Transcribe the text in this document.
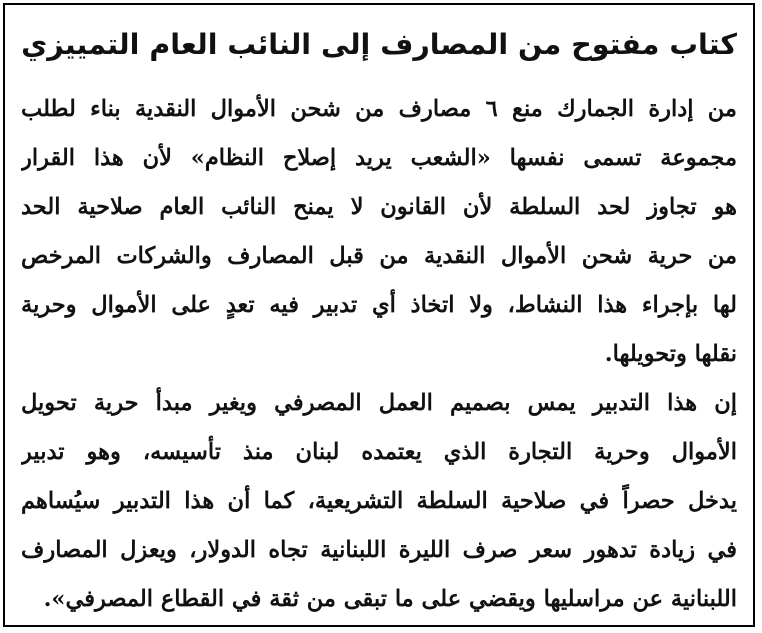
كتاب مفتوح من المصارف إلى النائب العام التمييزي
من إدارة الجمارك منع ٦ مصارف من شحن الأموال النقدية بناء لطلب
مجموعة تسمى نفسها «الشعب يريد إصلاح النظام» لأن هذا القرار
هو تجاوز لحد السلطة لأن القانون لا يمنح النائب العام صلاحية الحد
من حرية شحن الأموال النقدية من قبل المصارف والشركات المرخص
لها بإجراء هذا النشاط، ولا اتخاذ أي تدبير فيه تعدٍ على الأموال وحرية
نقلها وتحويلها.
إن هذا التدبير يمس بصميم العمل المصرفي ويغير مبدأ حرية تحويل
الأموال وحرية التجارة الذي يعتمده لبنان منذ تأسيسه، وهو تدبير
يدخل حصراً في صلاحية السلطة التشريعية، كما أن هذا التدبير سيُساهم
في زيادة تدهور سعر صرف الليرة اللبنانية تجاه الدولار، ويعزل المصارف
اللبنانية عن مراسليها ويقضي على ما تبقى من ثقة في القطاع المصرفي».
